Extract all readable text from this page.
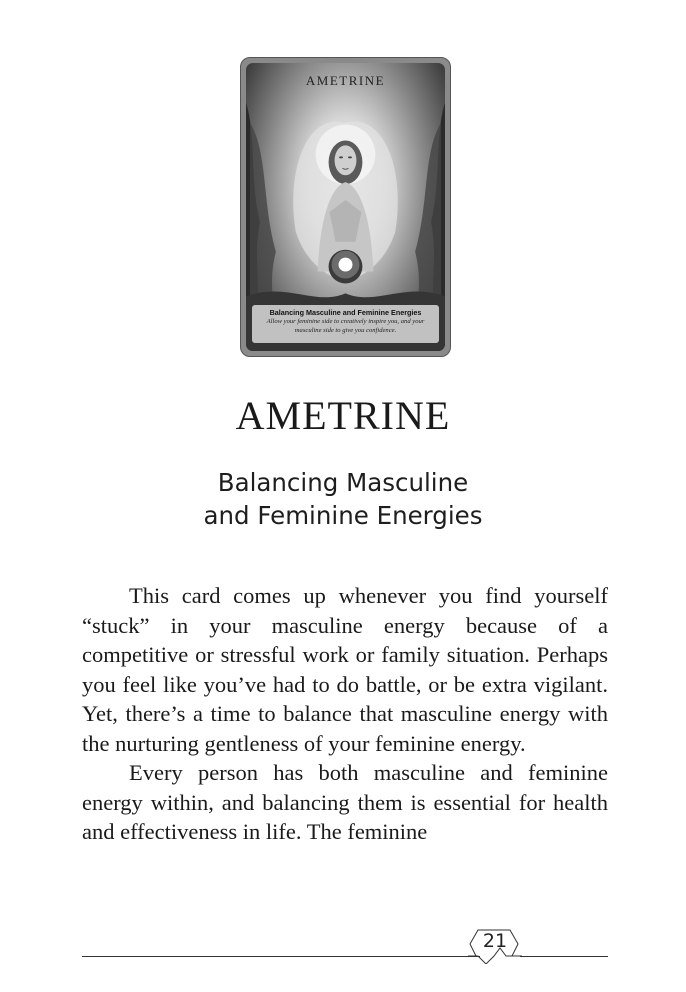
AMETRINE
Balancing Masculine and Feminine Energies
Allow your feminine side to creatively inspire you, and your masculine side to give you confidence.
AMETRINE
Balancing Masculine
and Feminine Energies

This card comes up whenever you find yourself “stuck” in your masculine energy because of a competitive or stressful work or family situation. Perhaps you feel like you’ve had to do battle, or be extra vigilant. Yet, there’s a time to balance that masculine energy with the nurturing gentleness of your feminine energy.

Every person has both masculine and feminine energy within, and balancing them is essential for health and effectiveness in life. The feminine

21
